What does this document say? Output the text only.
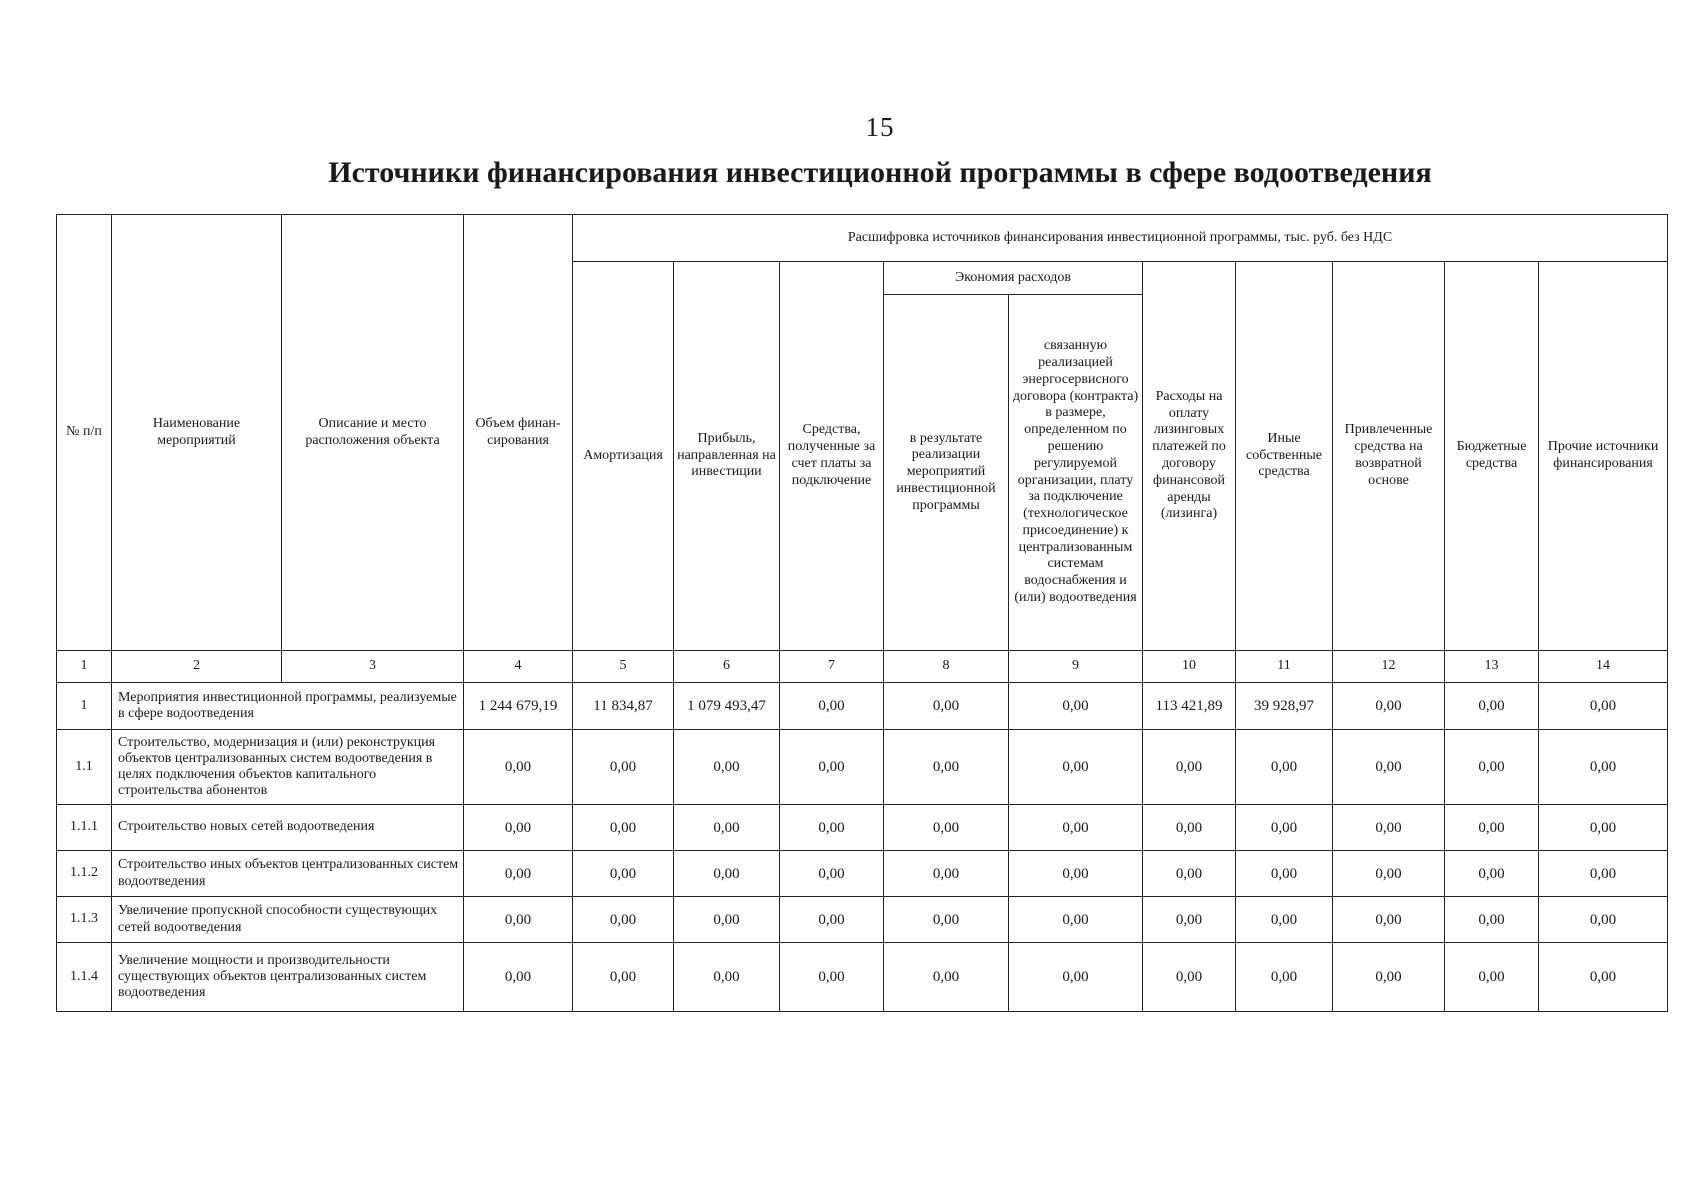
15
Источники финансирования инвестиционной программы в сфере водоотведения
№ п/п	Наименование мероприятий	Описание и место расположения объекта	Объем финан-сирования	Расшифровка источников финансирования инвестиционной программы, тыс. руб. без НДС									
				Амортизация	Прибыль, направленная на инвестиции	Средства, полученные за счет платы за подключение	Экономия расходов		Расходы на оплату лизинговых платежей по договору финансовой аренды (лизинга)	Иные собственные средства	Привлеченные средства на возвратной основе	Бюджетные средства	Прочие источники финансирования
							в результате реализации мероприятий инвестиционной программы	связанную реализацией энергосервисного договора (контракта) в размере, определенном по решению регулируемой организации, плату за подключение (технологическое присоединение) к централизованным системам водоснабжения и (или) водоотведения					
1	2	3	4	5	6	7	8	9	10	11	12	13	14
1	Мероприятия инвестиционной программы, реализуемые в сфере водоотведения		1 244 679,19	11 834,87	1 079 493,47	0,00	0,00	0,00	113 421,89	39 928,97	0,00	0,00	0,00
1.1	Строительство, модернизация и (или) реконструкция объектов централизованных систем водоотведения в целях подключения объектов капитального строительства абонентов		0,00	0,00	0,00	0,00	0,00	0,00	0,00	0,00	0,00	0,00	0,00
1.1.1	Строительство новых сетей водоотведения		0,00	0,00	0,00	0,00	0,00	0,00	0,00	0,00	0,00	0,00	0,00
1.1.2	Строительство иных объектов централизованных систем водоотведения		0,00	0,00	0,00	0,00	0,00	0,00	0,00	0,00	0,00	0,00	0,00
1.1.3	Увеличение пропускной способности существующих сетей водоотведения		0,00	0,00	0,00	0,00	0,00	0,00	0,00	0,00	0,00	0,00	0,00
1.1.4	Увеличение мощности и производительности существующих объектов централизованных систем водоотведения		0,00	0,00	0,00	0,00	0,00	0,00	0,00	0,00	0,00	0,00	0,00
